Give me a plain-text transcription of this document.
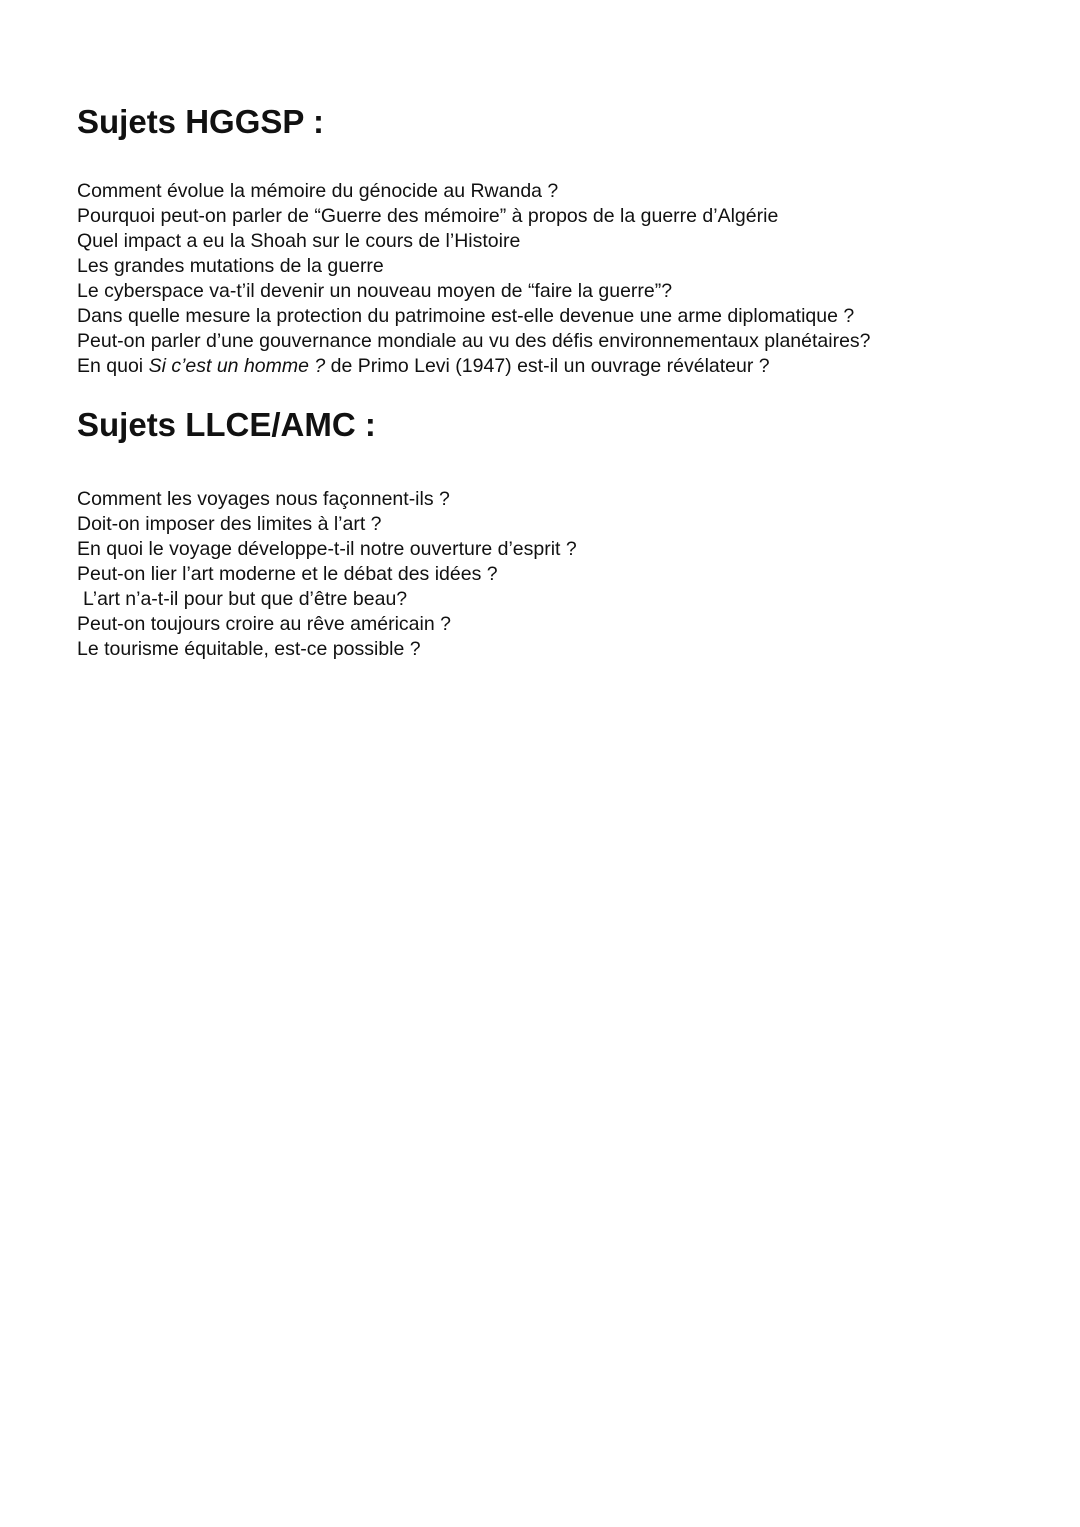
Sujets HGGSP :
Comment évolue la mémoire du génocide au Rwanda ?
Pourquoi peut-on parler de “Guerre des mémoire” à propos de la guerre d’Algérie
Quel impact a eu la Shoah sur le cours de l’Histoire
Les grandes mutations de la guerre
Le cyberspace va-t’il devenir un nouveau moyen de “faire la guerre”?
Dans quelle mesure la protection du patrimoine est-elle devenue une arme diplomatique ?
Peut-on parler d’une gouvernance mondiale au vu des défis environnementaux planétaires?
En quoi Si c’est un homme ? de Primo Levi (1947) est-il un ouvrage révélateur ?
Sujets LLCE/AMC :
Comment les voyages nous façonnent-ils ?
Doit-on imposer des limites à l’art ?
En quoi le voyage développe-t-il notre ouverture d’esprit ?
Peut-on lier l’art moderne et le débat des idées ?
L’art n’a-t-il pour but que d’être beau?
Peut-on toujours croire au rêve américain ?
Le tourisme équitable, est-ce possible ?
